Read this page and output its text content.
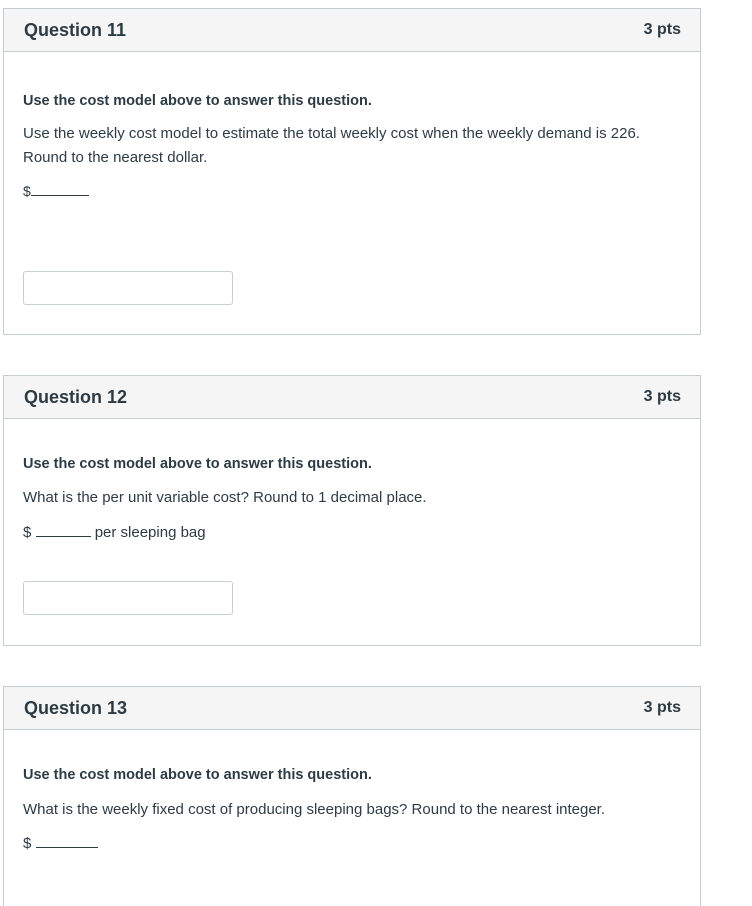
Question 11	3 pts
Use the cost model above to answer this question.
Use the weekly cost model to estimate the total weekly cost when the weekly demand is 226.
Round to the nearest dollar.
$
Question 12	3 pts
Use the cost model above to answer this question.
What is the per unit variable cost? Round to 1 decimal place.
$	per sleeping bag
Question 13	3 pts
Use the cost model above to answer this question.
What is the weekly fixed cost of producing sleeping bags? Round to the nearest integer.
$
